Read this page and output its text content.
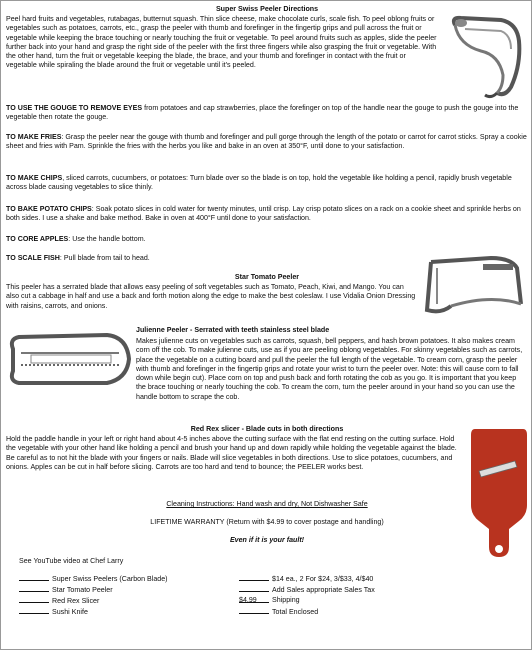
Super Swiss Peeler Directions

Peel hard fruits and vegetables, rutabagas, butternut squash. Thin slice cheese, make chocolate curls, scale fish. To peel oblong fruits or vegetables such as potatoes, carrots, etc., grasp the peeler with thumb and forefinger in the fingertip grips and pull across the fruit or vegetable while keeping the brace touching or nearly touching the fruit or vegetable. To peel around fruits such as apples, slide the peeler further back into your hand and grasp the right side of the peeler with the first three fingers while also grasping the fruit or vegetable. With the other hand, turn the fruit or vegetable keeping the blade, the brace, and your thumb and forefinger in contact with the fruit or vegetable while spiraling the blade around the fruit or vegetable until it's peeled.

TO USE THE GOUGE TO REMOVE EYES from potatoes and cap strawberries, place the forefinger on top of the handle near the gouge to push the gouge into the vegetable then rotate the gouge.

TO MAKE FRIES: Grasp the peeler near the gouge with thumb and forefinger and pull gorge through the length of the potato or carrot for carrot sticks. Spray a cookie sheet and fries with Pam. Sprinkle the fries with the herbs you like and bake in an oven at 350°F, until done to your satisfaction.

TO MAKE CHIPS, sliced carrots, cucumbers, or potatoes: Turn blade over so the blade is on top, hold the vegetable like holding a pencil, rapidly brush vegetable across blade causing vegetables to slice thinly.

TO BAKE POTATO CHIPS: Soak potato slices in cold water for twenty minutes, until crisp. Lay crisp potato slices on a rack on a cookie sheet and sprinkle herbs on both sides. I use a shake and bake method. Bake in oven at 400°F until done to your satisfaction.

TO CORE APPLES: Use the handle bottom.

TO SCALE FISH: Pull blade from tail to head.

Star Tomato Peeler

This peeler has a serrated blade that allows easy peeling of soft vegetables such as Tomato, Peach, Kiwi, and Mango. You can also cut a cabbage in half and use a back and forth motion along the edge to make the best coleslaw. I use Vidalia Onion Dressing with raisins, carrots, and onions.

Julienne Peeler - Serrated with teeth stainless steel blade

Makes julienne cuts on vegetables such as carrots, squash, bell peppers, and hash brown potatoes. It also makes cream corn off the cob. To make julienne cuts, use as if you are peeling oblong vegetables. For skinny vegetables such as carrots, place the vegetable on a cutting board and pull the peeler the full length of the vegetable. To cream corn, grasp the peeler with thumb and forefinger in the fingertip grips and rotate your wrist to turn the peeler over. Note: this will cause corn to fall down while begin cut). Place corn on top and push back and forth rotating the cob as you go. It is important that you keep the brace touching or nearly touching the cob. To cream the corn, turn the peeler around in your hand so you can use the handle bottom to scrape the cob.

Red Rex slicer - Blade cuts in both directions

Hold the paddle handle in your left or right hand about 4-5 inches above the cutting surface with the flat end resting on the cutting surface. Hold the vegetable with your other hand like holding a pencil and brush your hand up and down rapidly while holding the vegetable against the blade. Be careful as to not hit the blade with your fingers or nails. Blade will slice vegetables in both directions. Use to slice potatoes, cucumbers, and onions. Apples can be cut in half before slicing. Carrots are too hard and tend to bounce; the PEELER works best.

Cleaning Instructions: Hand wash and dry, Not Dishwasher Safe
LIFETIME WARRANTY (Return with $4.99 to cover postage and handling)
Even if it is your fault!
See YouTube video at Chef Larry
Super Swiss Peelers (Carbon Blade)
Star Tomato Peeler
Red Rex Slicer
Sushi Knife
$14 ea., 2 For $24, 3/$33, 4/$40
Add Sales appropriate Sales Tax
$4.99 Shipping
Total Enclosed
